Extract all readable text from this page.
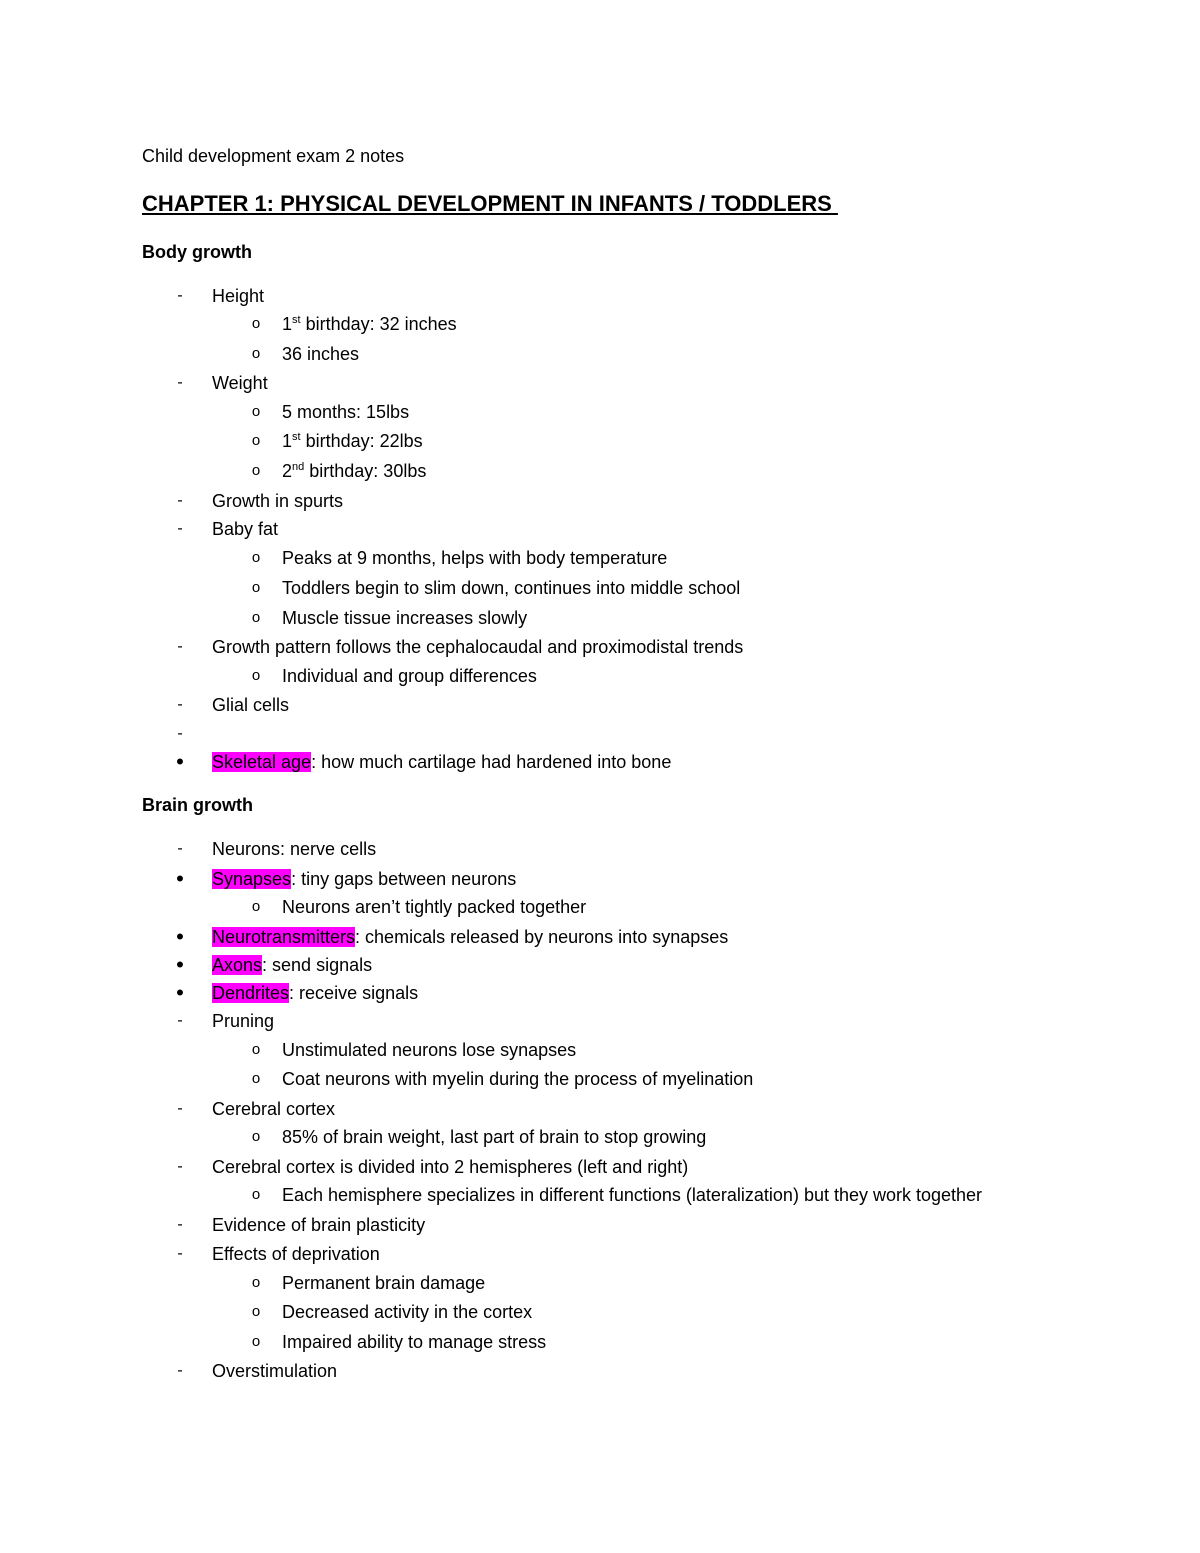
Child development exam 2 notes
CHAPTER 1: PHYSICAL DEVELOPMENT IN INFANTS / TODDLERS
Body growth
-	Height
o	1st birthday: 32 inches
o	36 inches
-	Weight
o	5 months: 15lbs
o	1st birthday: 22lbs
o	2nd birthday: 30lbs
-	Growth in spurts
-	Baby fat
o	Peaks at 9 months, helps with body temperature
o	Toddlers begin to slim down, continues into middle school
o	Muscle tissue increases slowly
-	Growth pattern follows the cephalocaudal and proximodistal trends
o	Individual and group differences
-	Glial cells
-
•	Skeletal age: how much cartilage had hardened into bone
Brain growth
-	Neurons: nerve cells
•	Synapses: tiny gaps between neurons
o	Neurons aren’t tightly packed together
•	Neurotransmitters: chemicals released by neurons into synapses
•	Axons: send signals
•	Dendrites: receive signals
-	Pruning
o	Unstimulated neurons lose synapses
o	Coat neurons with myelin during the process of myelination
-	Cerebral cortex
o	85% of brain weight, last part of brain to stop growing
-	Cerebral cortex is divided into 2 hemispheres (left and right)
o	Each hemisphere specializes in different functions (lateralization) but they work together
-	Evidence of brain plasticity
-	Effects of deprivation
o	Permanent brain damage
o	Decreased activity in the cortex
o	Impaired ability to manage stress
-	Overstimulation
